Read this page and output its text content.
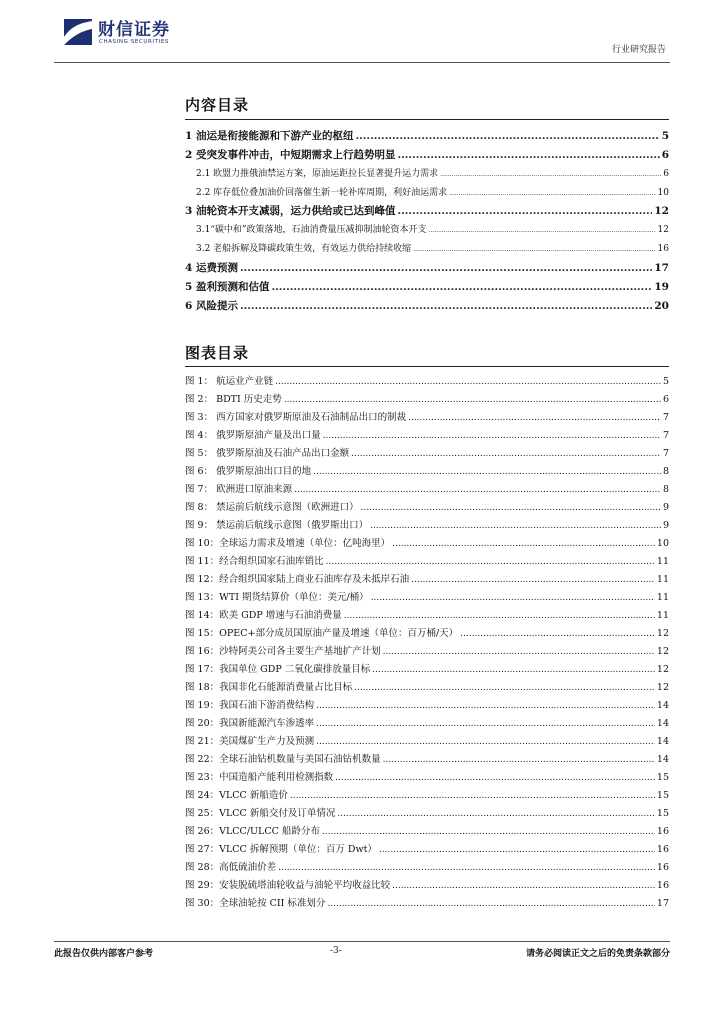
财信证券
CHASING SECURITIES
行业研究报告
内容目录
1 油运是衔接能源和下游产业的枢纽 .....	5
2 受突发事件冲击，中短期需求上行趋势明显 .....	6
2.1 欧盟力推俄油禁运方案，原油运距拉长显著提升运力需求 .....	6
2.2 库存低位叠加油价回落催生新一轮补库周期，利好油运需求 .....	10
3 油轮资本开支减弱，运力供给或已达到峰值 .....	12
3.1“碳中和”政策落地，石油消费量压减抑制油轮资本开支 .....	12
3.2 老船拆解及降碳政策生效，有效运力供给持续收缩 .....	16
4 运费预测 .....	17
5 盈利预测和估值 .....	19
6 风险提示 .....	20
图表目录
图 1： 航运业产业链 .....	5
图 2： BDTI 历史走势 .....	6
图 3： 西方国家对俄罗斯原油及石油制品出口的制裁 .....	7
图 4： 俄罗斯原油产量及出口量 .....	7
图 5： 俄罗斯原油及石油产品出口金额 .....	7
图 6： 俄罗斯原油出口目的地 .....	8
图 7： 欧洲进口原油来源 .....	8
图 8： 禁运前后航线示意图（欧洲进口） .....	9
图 9： 禁运前后航线示意图（俄罗斯出口） .....	9
图 10：全球运力需求及增速（单位：亿吨海里） .....	10
图 11：经合组织国家石油库销比 .....	11
图 12：经合组织国家陆上商业石油库存及未抵岸石油 .....	11
图 13：WTI 期货结算价（单位：美元/桶） .....	11
图 14：欧美 GDP 增速与石油消费量 .....	11
图 15：OPEC+部分成员国原油产量及增速（单位：百万桶/天） .....	12
图 16：沙特阿美公司各主要生产基地扩产计划 .....	12
图 17：我国单位 GDP 二氧化碳排放量目标 .....	12
图 18：我国非化石能源消费量占比目标 .....	12
图 19：我国石油下游消费结构 .....	14
图 20：我国新能源汽车渗透率 .....	14
图 21：美国煤矿生产力及预测 .....	14
图 22：全球石油钻机数量与美国石油钻机数量 .....	14
图 23：中国造船产能利用检测指数 .....	15
图 24：VLCC 新船造价 .....	15
图 25：VLCC 新船交付及订单情况 .....	15
图 26：VLCC/ULCC 船龄分布 .....	16
图 27：VLCC 拆解预期（单位：百万 Dwt） .....	16
图 28：高低硫油价差 .....	16
图 29：安装脱硫塔油轮收益与油轮平均收益比较 .....	16
图 30：全球油轮按 CII 标准划分 .....	17
此报告仅供内部客户参考	-3-	请务必阅读正文之后的免责条款部分
